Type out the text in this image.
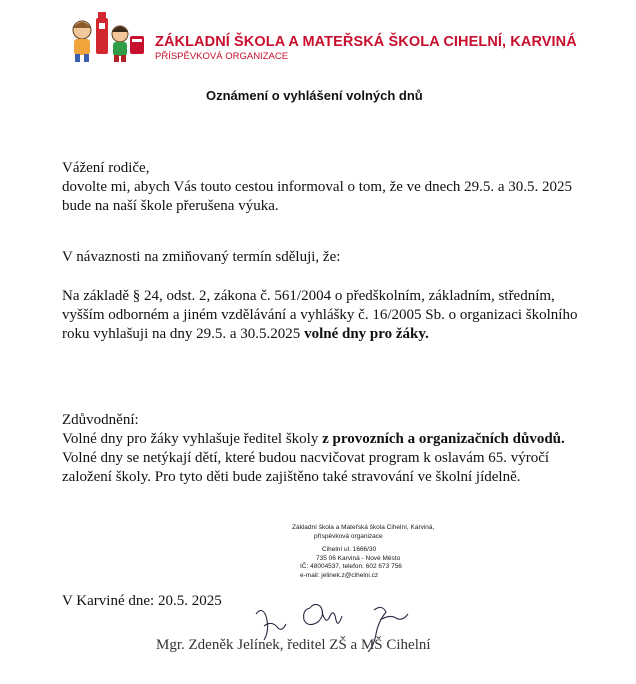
ZÁKLADNÍ ŠKOLA A MATEŘSKÁ ŠKOLA CIHELNÍ, KARVINÁ
PŘÍSPĚVKOVÁ ORGANIZACE
Oznámení o vyhlášení volných dnů
Vážení rodiče,
dovolte mi, abych Vás touto cestou informoval o tom, že ve dnech 29.5. a 30.5. 2025 bude na naší škole přerušena výuka.
V návaznosti na zmiňovaný termín sděluji, že:
Na základě § 24, odst. 2, zákona č. 561/2004 o předškolním, základním, středním, vyšším odborném a jiném vzdělávání a vyhlášky č. 16/2005 Sb. o organizaci školního roku vyhlašuji na dny 29.5. a 30.5.2025 volné dny pro žáky.
Zdůvodnění:
Volné dny pro žáky vyhlašuje ředitel školy z provozních a organizačních důvodů. Volné dny se netýkají dětí, které budou nacvičovat program k oslavám 65. výročí založení školy. Pro tyto děti bude zajištěno také stravování ve školní jídelně.
Základní škola a Mateřská škola Cihelní, Karviná,
příspěvková organizace
Cihelní ul. 1666/30
735 06 Karviná - Nové Město
IČ: 48004537, telefon: 602 673 756
e-mail: jelinek.z@cihelni.cz
V Karviné dne: 20.5. 2025
Mgr. Zdeněk Jelínek, ředitel ZŠ a MŠ Cihelní
